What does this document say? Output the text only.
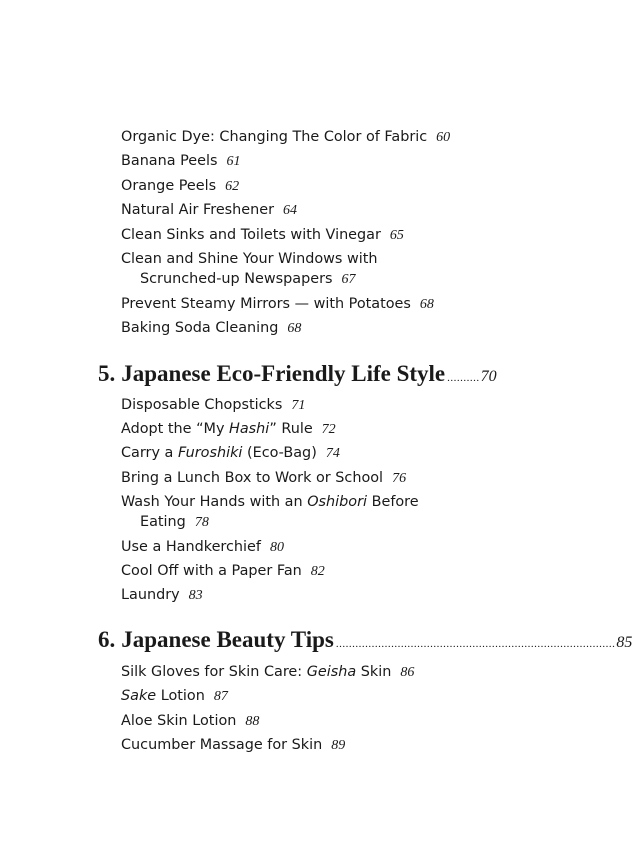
Organic Dye: Changing The Color of Fabric 60
Banana Peels 61
Orange Peels 62
Natural Air Freshener 64
Clean Sinks and Toilets with Vinegar 65
Clean and Shine Your Windows with
Scrunched-up Newspapers 67
Prevent Steamy Mirrors — with Potatoes 68
Baking Soda Cleaning 68
5. Japanese Eco-Friendly Life Style .......... 70
Disposable Chopsticks 71
Adopt the “My Hashi” Rule 72
Carry a Furoshiki (Eco-Bag) 74
Bring a Lunch Box to Work or School 76
Wash Your Hands with an Oshibori Before
Eating 78
Use a Handkerchief 80
Cool Off with a Paper Fan 82
Laundry 83
6. Japanese Beauty Tips ...................................................................................... 85
Silk Gloves for Skin Care: Geisha Skin 86
Sake Lotion 87
Aloe Skin Lotion 88
Cucumber Massage for Skin 89
